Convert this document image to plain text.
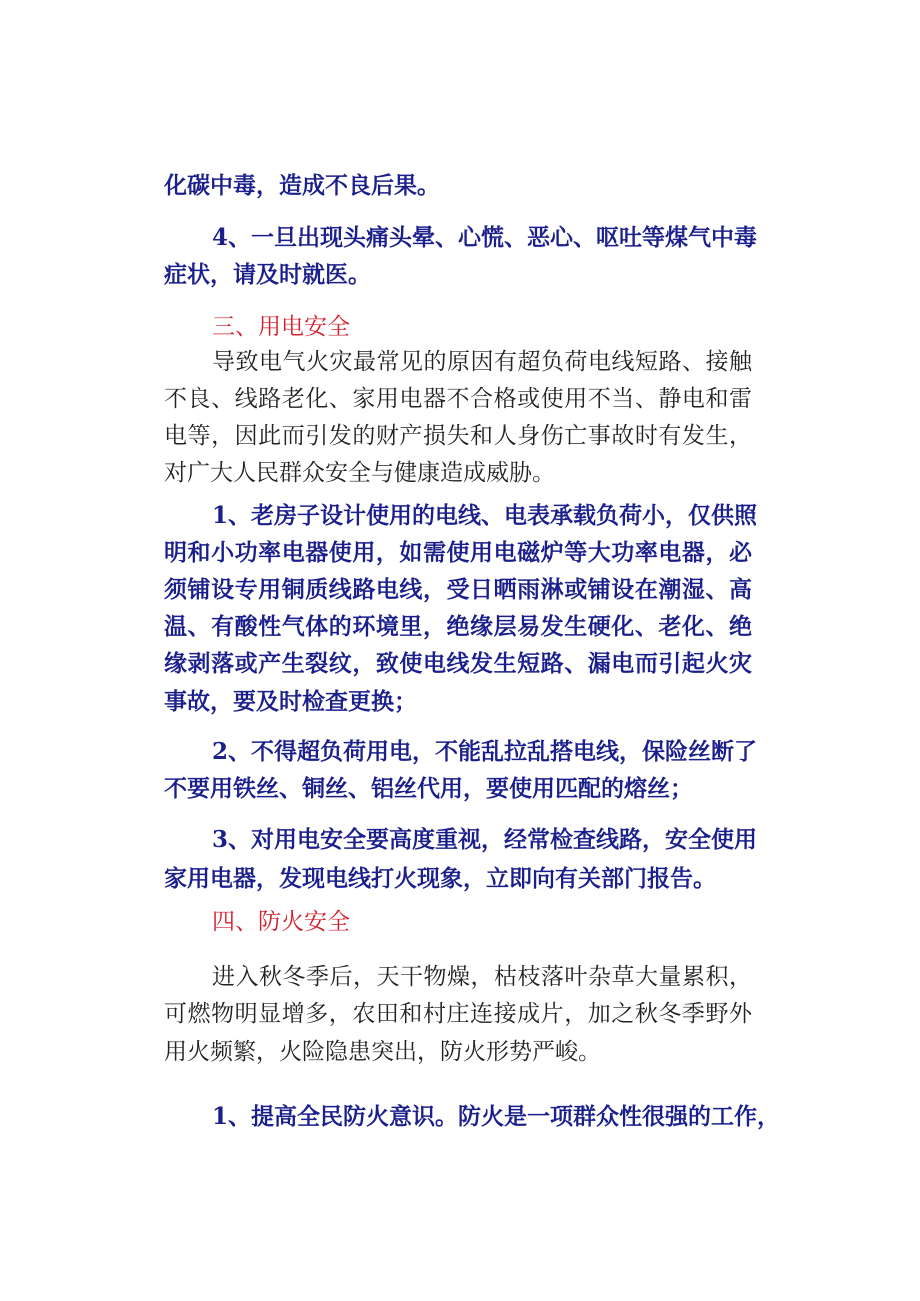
化碳中毒，造成不良后果。
4、一旦出现头痛头晕、心慌、恶心、呕吐等煤气中毒
症状，请及时就医。
三、用电安全
导致电气火灾最常见的原因有超负荷电线短路、接触
不良、线路老化、家用电器不合格或使用不当、静电和雷
电等，因此而引发的财产损失和人身伤亡事故时有发生，
对广大人民群众安全与健康造成威胁。
1、老房子设计使用的电线、电表承载负荷小，仅供照
明和小功率电器使用，如需使用电磁炉等大功率电器，必
须铺设专用铜质线路电线，受日晒雨淋或铺设在潮湿、高
温、有酸性气体的环境里，绝缘层易发生硬化、老化、绝
缘剥落或产生裂纹，致使电线发生短路、漏电而引起火灾
事故，要及时检查更换；
2、不得超负荷用电，不能乱拉乱搭电线，保险丝断了
不要用铁丝、铜丝、铝丝代用，要使用匹配的熔丝；
3、对用电安全要高度重视，经常检查线路，安全使用
家用电器，发现电线打火现象，立即向有关部门报告。
四、防火安全
进入秋冬季后，天干物燥，枯枝落叶杂草大量累积，
可燃物明显增多，农田和村庄连接成片，加之秋冬季野外
用火频繁，火险隐患突出，防火形势严峻。
1、提高全民防火意识。防火是一项群众性很强的工作，
